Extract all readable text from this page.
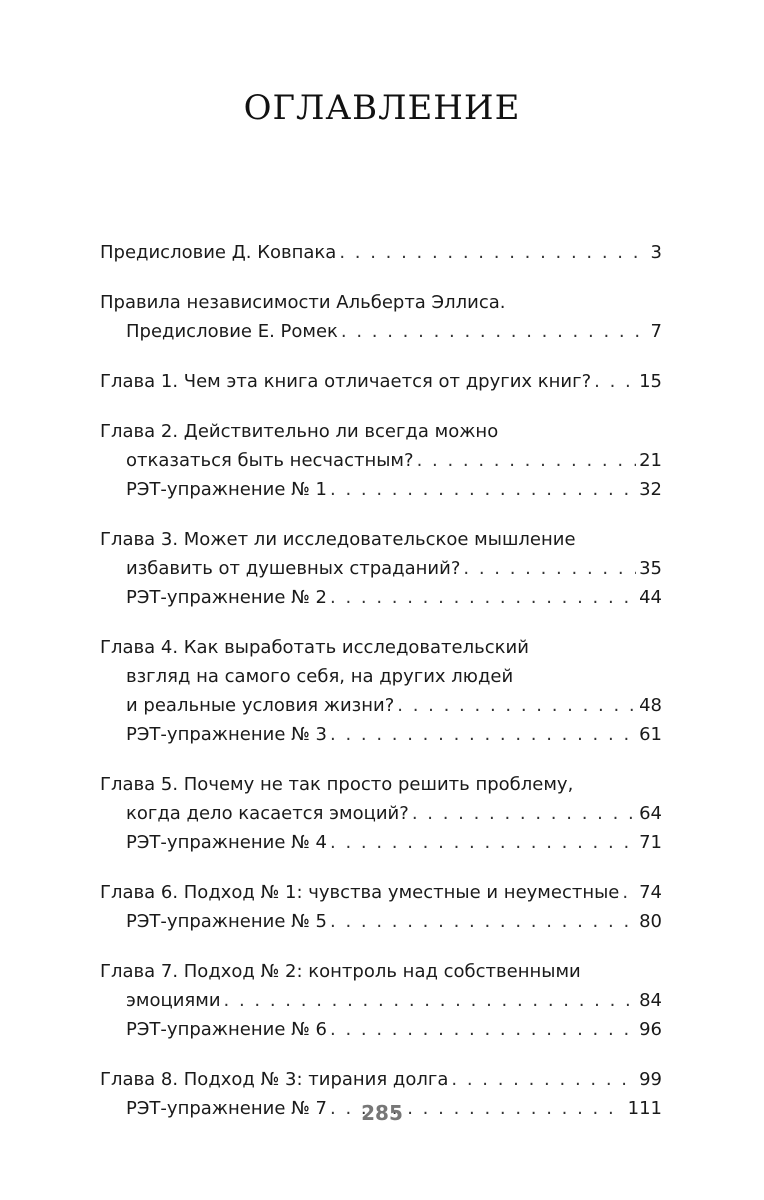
ОГЛАВЛЕНИЕ
Предисловие Д. Ковпака . . .	3
Правила независимости Альберта Эллиса.
Предисловие Е. Ромек . . .	7
Глава 1. Чем эта книга отличается от других книг? . . .	15
Глава 2. Действительно ли всегда можно
отказаться быть несчастным? . . .	21
РЭТ-упражнение № 1 . . .	32
Глава 3. Может ли исследовательское мышление
избавить от душевных страданий? . . .	35
РЭТ-упражнение № 2 . . .	44
Глава 4. Как выработать исследовательский
взгляд на самого себя, на других людей
и реальные условия жизни? . . .	48
РЭТ-упражнение № 3 . . .	61
Глава 5. Почему не так просто решить проблему,
когда дело касается эмоций? . . .	64
РЭТ-упражнение № 4 . . .	71
Глава 6. Подход № 1: чувства уместные и неуместные . . . 74
РЭТ-упражнение № 5 . . .	80
Глава 7. Подход № 2: контроль над собственными
эмоциями . . .	84
РЭТ-упражнение № 6 . . .	96
Глава 8. Подход № 3: тирания долга . . .	99
РЭТ-упражнение № 7 . . .	111
285
